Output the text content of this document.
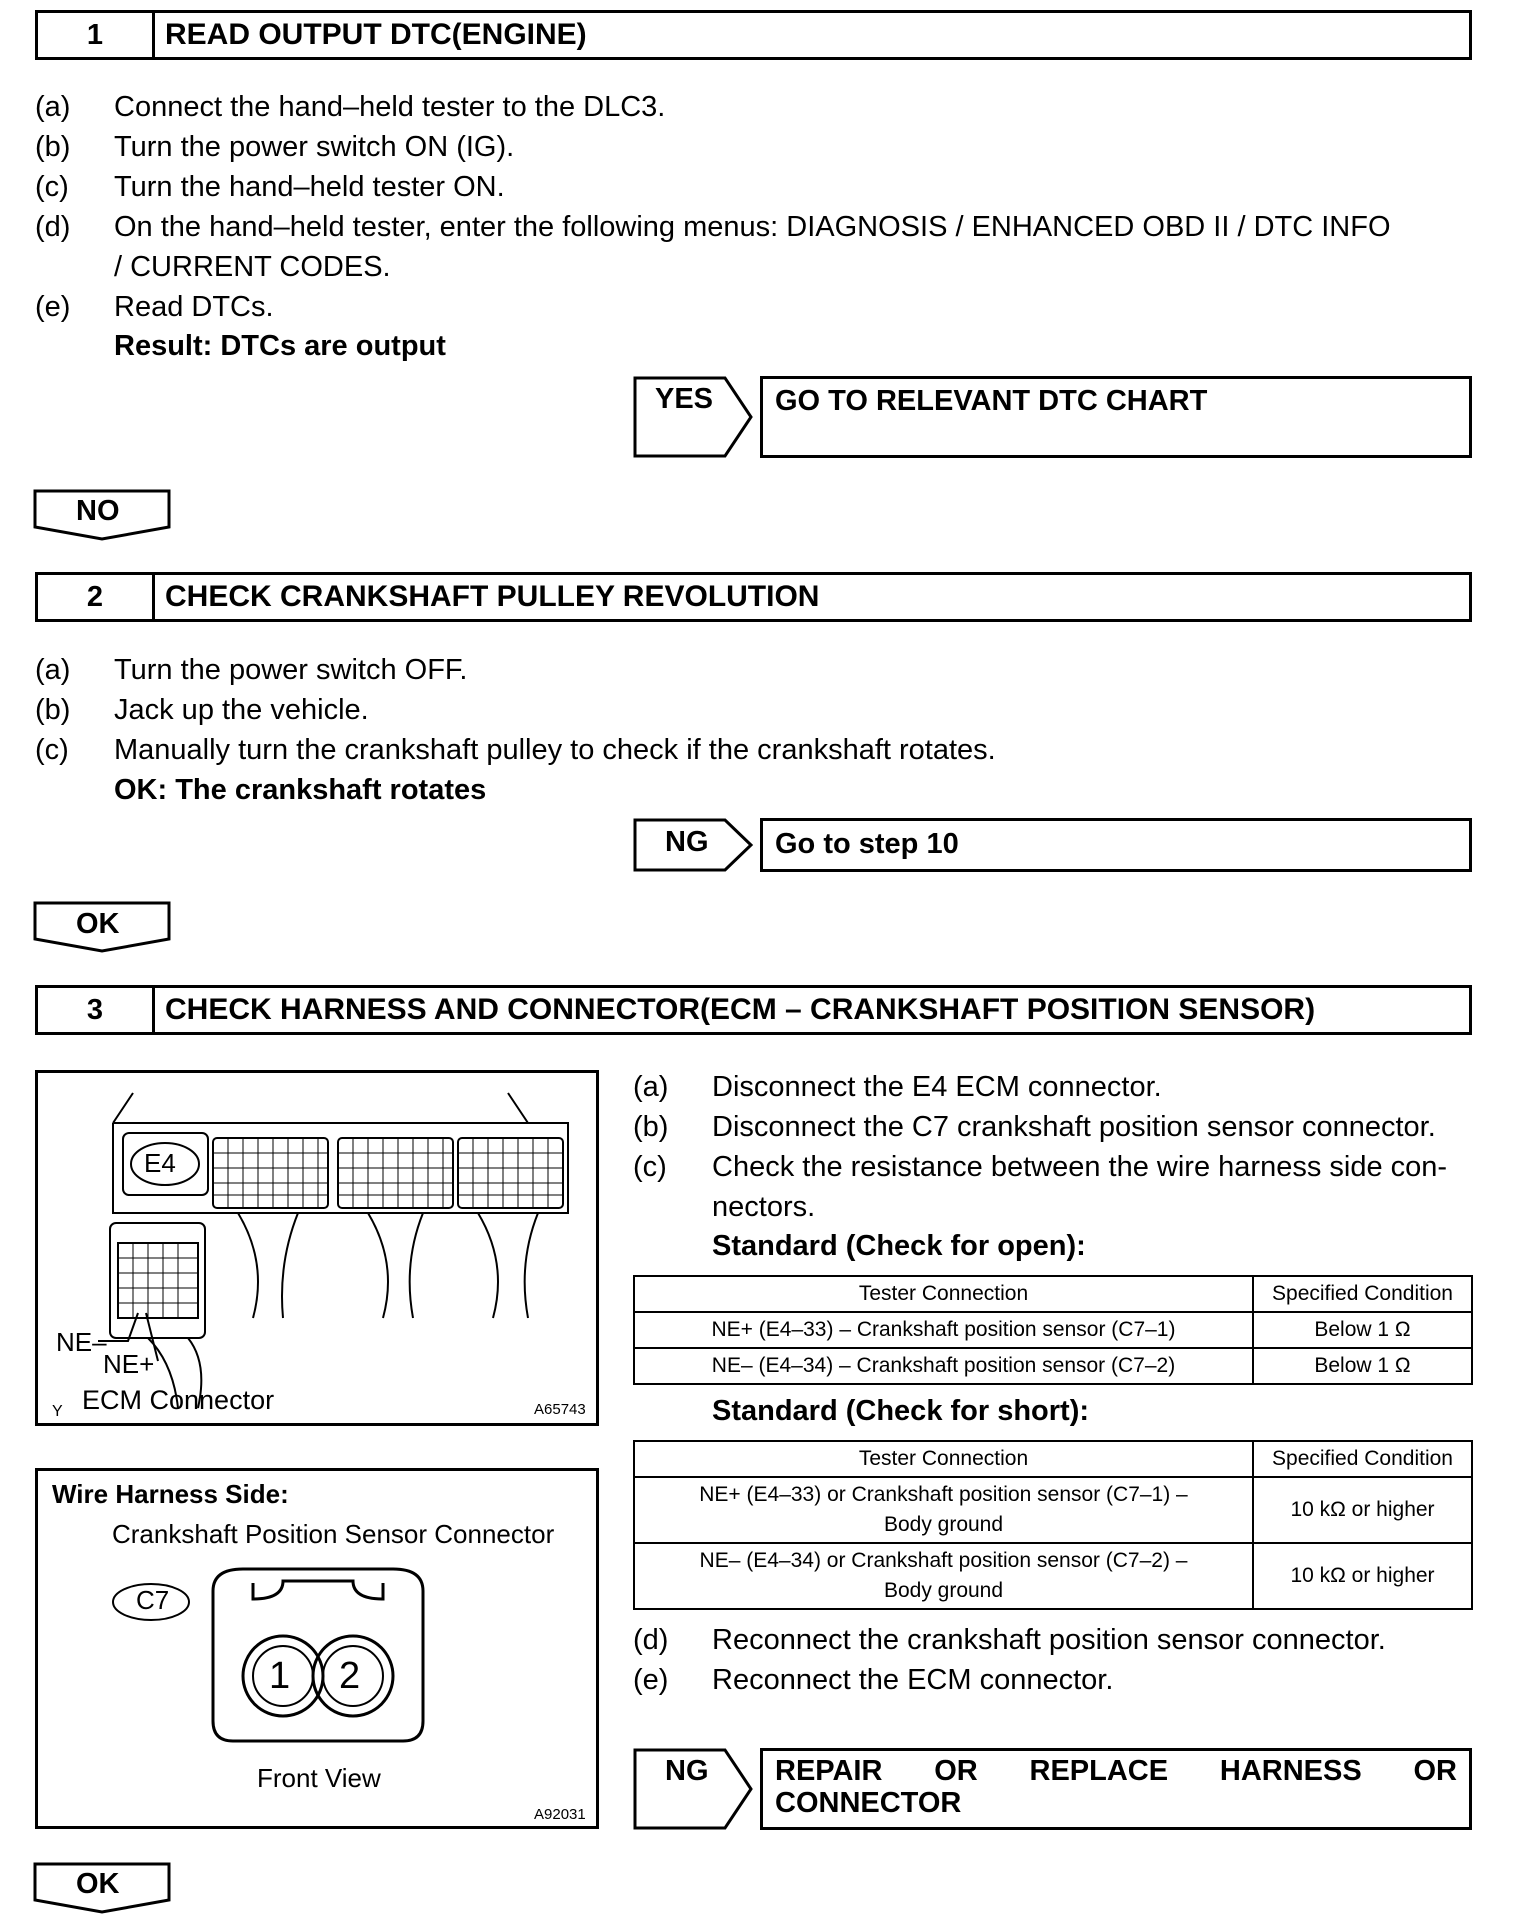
1	READ OUTPUT DTC(ENGINE)
(a) Connect the hand–held tester to the DLC3.
(b) Turn the power switch ON (IG).
(c) Turn the hand–held tester ON.
(d) On the hand–held tester, enter the following menus: DIAGNOSIS / ENHANCED OBD II / DTC INFO
/ CURRENT CODES.
(e) Read DTCs.
Result: DTCs are output
YES	GO TO RELEVANT DTC CHART
NO
2	CHECK CRANKSHAFT PULLEY REVOLUTION
(a) Turn the power switch OFF.
(b) Jack up the vehicle.
(c) Manually turn the crankshaft pulley to check if the crankshaft rotates.
OK: The crankshaft rotates
NG	Go to step 10
OK
3	CHECK HARNESS AND CONNECTOR(ECM – CRANKSHAFT POSITION SENSOR)
E4
NE–
NE+
Y ECM Connector	A65743
Wire Harness Side:
Crankshaft Position Sensor Connector
C7
1 2
Front View
A92031
(a) Disconnect the E4 ECM connector.
(b) Disconnect the C7 crankshaft position sensor connector.
(c) Check the resistance between the wire harness side con-
nectors.
Standard (Check for open):
Tester Connection	Specified Condition
NE+ (E4–33) – Crankshaft position sensor (C7–1)	Below 1 Ω
NE– (E4–34) – Crankshaft position sensor (C7–2)	Below 1 Ω
Standard (Check for short):
Tester Connection	Specified Condition

NE+ (E4–33) or Crankshaft position sensor (C7–1) –
Body ground	10 kΩ or higher

NE– (E4–34) or Crankshaft position sensor (C7–2) –
Body ground	10 kΩ or higher
(d) Reconnect the crankshaft position sensor connector.
(e) Reconnect the ECM connector.
NG REPAIR OR REPLACE HARNESS OR
CONNECTOR
OK
